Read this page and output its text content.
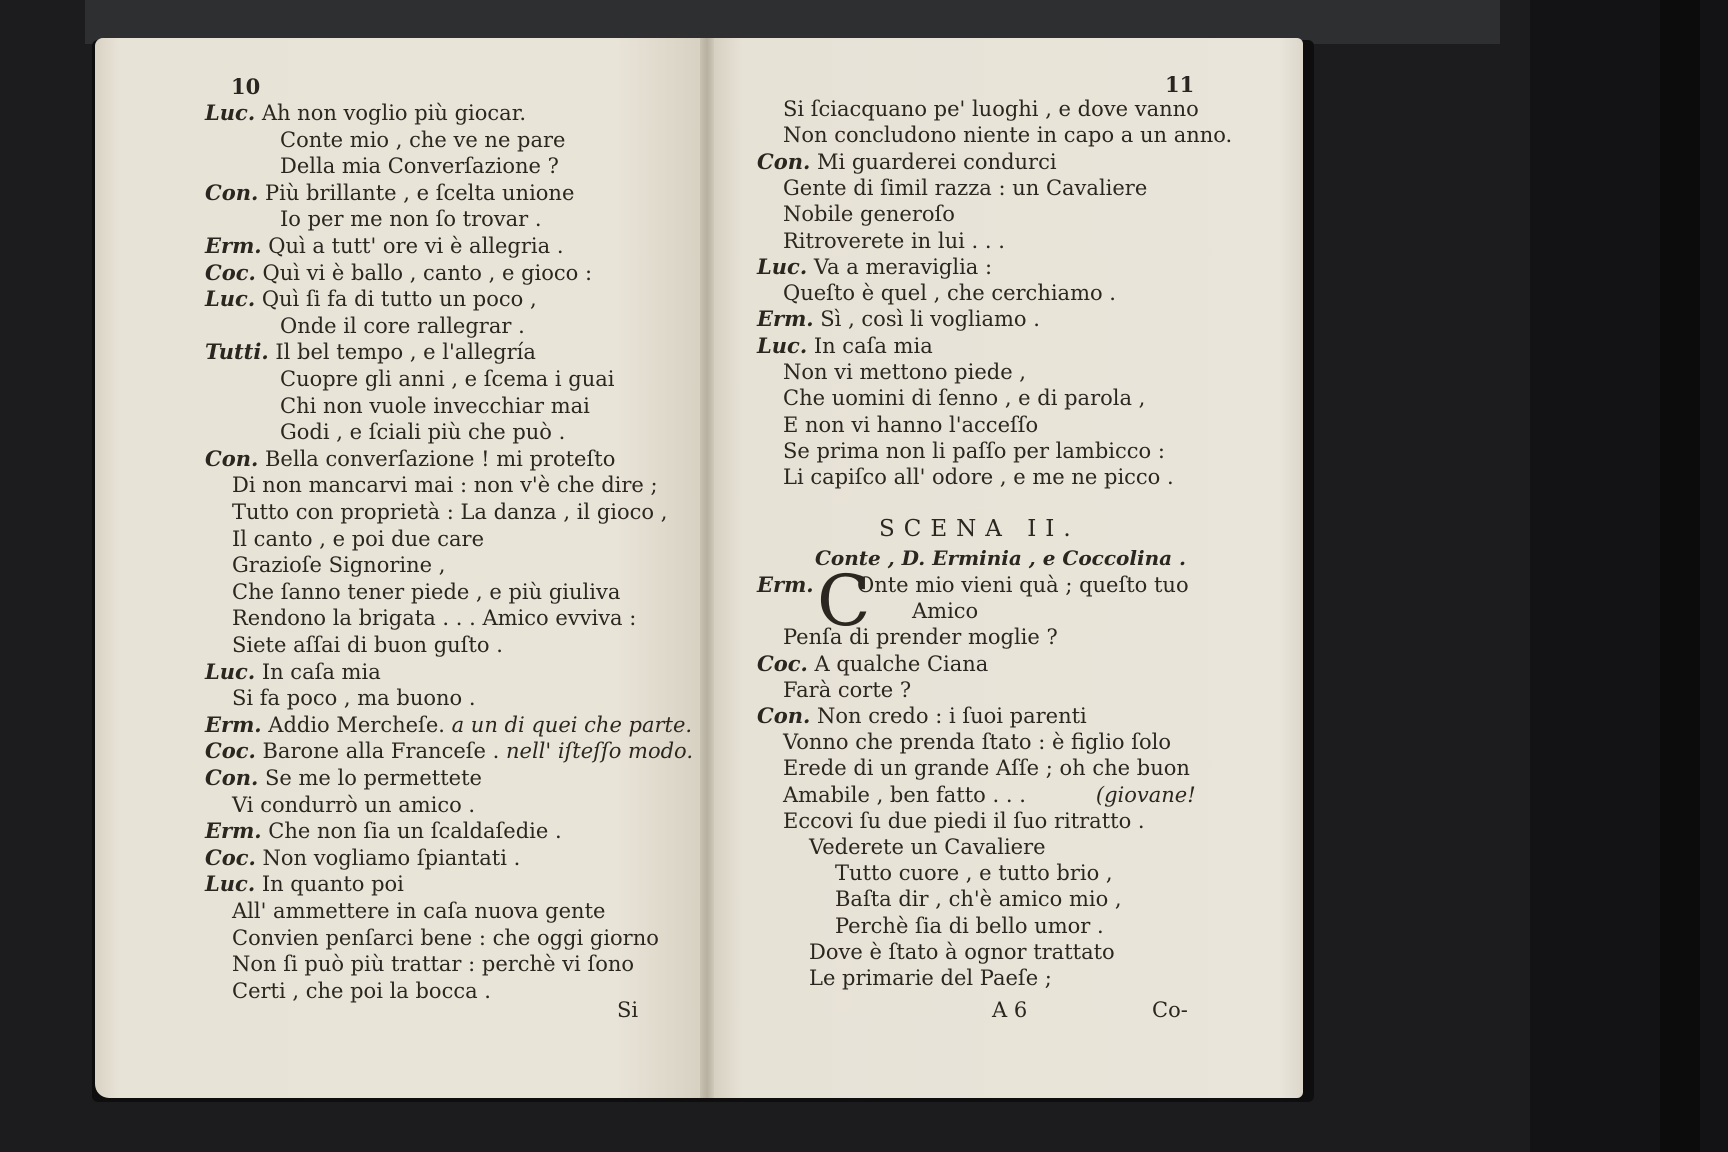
10
Luc. Ah non voglio più giocar.
Conte mio , che ve ne pare
Della mia Converſazione ?
Con. Più brillante , e ſcelta unione
Io per me non ſo trovar .
Erm. Quì a tutt' ore vi è allegria .
Coc. Quì vi è ballo , canto , e gioco :
Luc. Quì ſi fa di tutto un poco ,
Onde il core rallegrar .
Tutti. Il bel tempo , e l'allegría
Cuopre gli anni , e ſcema i guai
Chi non vuole invecchiar mai
Godi , e ſciali più che può .
Con. Bella converſazione ! mi proteſto
Di non mancarvi mai : non v'è che dire ;
Tutto con proprietà : La danza , il gioco ,
Il canto , e poi due care
Grazioſe Signorine ,
Che ſanno tener piede , e più giuliva
Rendono la brigata . . . Amico evviva :
Siete aſſai di buon guſto .
Luc. In caſa mia
Si fa poco , ma buono .
Erm. Addio Mercheſe. a un di quei che parte.
Coc. Barone alla Franceſe . nell' iſteſſo modo.
Con. Se me lo permettete
Vi condurrò un amico .
Erm. Che non ſia un ſcaldaſedie .
Coc. Non vogliamo ſpiantati .
Luc. In quanto poi
All' ammettere in caſa nuova gente
Convien penſarci bene : che oggi giorno
Non ſi può più trattar : perchè vi ſono
Certi , che poi la bocca .
Si
11
Si ſciacquano pe' luoghi , e dove vanno
Non concludono niente in capo a un anno.
Con. Mi guarderei condurci
Gente di ſimil razza : un Cavaliere
Nobile generoſo
Ritroverete in lui . . .
Luc. Va a meraviglia :
Queſto è quel , che cerchiamo .
Erm. Sì , così li vogliamo .
Luc. In caſa mia
Non vi mettono piede ,
Che uomini di ſenno , e di parola ,
E non vi hanno l'acceſſo
Se prima non li paſſo per lambicco :
Li capiſco all' odore , e me ne picco .
SCENA II.
Conte , D. Erminia , e Coccolina .
C
Erm. Onte mio vieni quà ; queſto tuo
Amico
Penſa di prender moglie ?
Coc. A qualche Ciana
Farà corte ?
Con. Non credo : i ſuoi parenti
Vonno che prenda ſtato : è figlio ſolo
Erede di un grande Aſſe ; oh che buon
Amabile , ben fatto . . .	(giovane!
Eccovi ſu due piedi il ſuo ritratto .
Vederete un Cavaliere
Tutto cuore , e tutto brio ,
Baſta dir , ch'è amico mio ,
Perchè ſia di bello umor .
Dove è ſtato à ognor trattato
Le primarie del Paeſe ;
A 6	Co-
